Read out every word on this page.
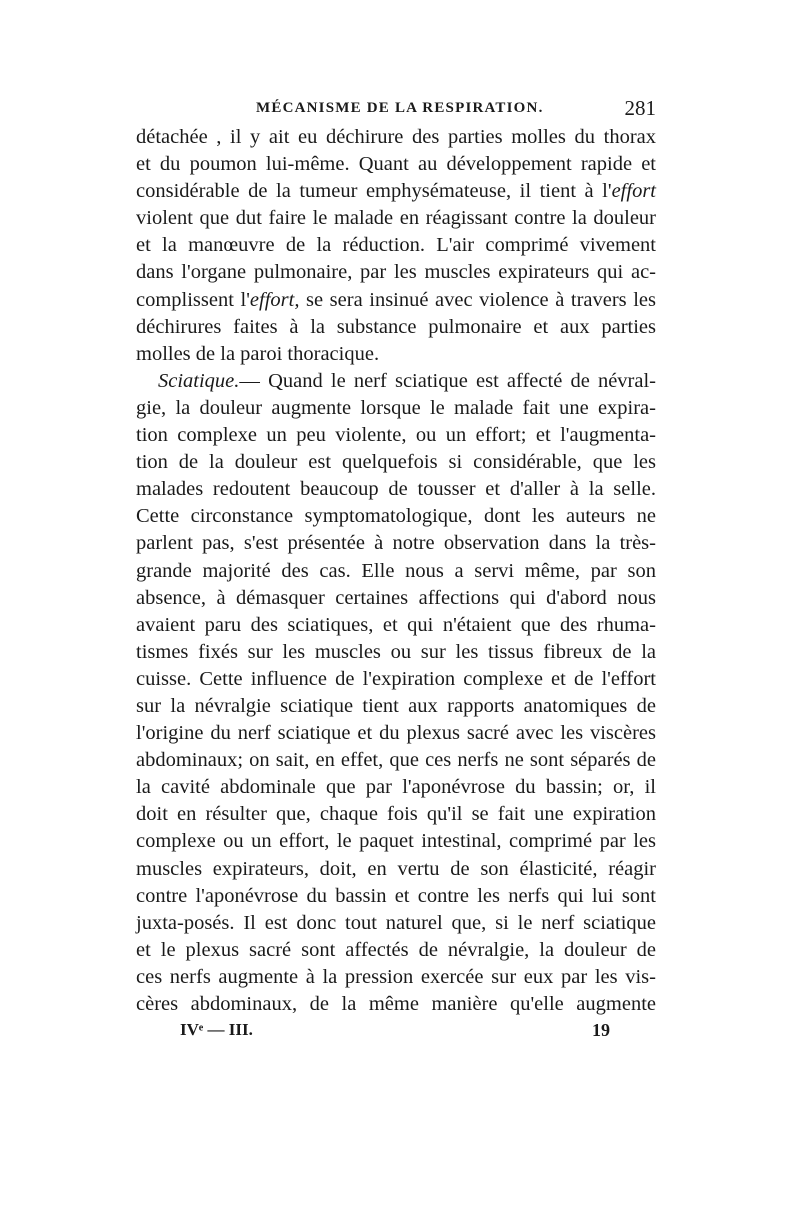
MÉCANISME DE LA RESPIRATION.	281
détachée , il y ait eu déchirure des parties molles du thorax
et du poumon lui-même. Quant au développement rapide et
considérable de la tumeur emphysémateuse, il tient à l'effort
violent que dut faire le malade en réagissant contre la douleur
et la manœuvre de la réduction. L'air comprimé vivement
dans l'organe pulmonaire, par les muscles expirateurs qui ac-
complissent l'effort, se sera insinué avec violence à travers les
déchirures faites à la substance pulmonaire et aux parties
molles de la paroi thoracique.
Sciatique.— Quand le nerf sciatique est affecté de névral-
gie, la douleur augmente lorsque le malade fait une expira-
tion complexe un peu violente, ou un effort; et l'augmenta-
tion de la douleur est quelquefois si considérable, que les
malades redoutent beaucoup de tousser et d'aller à la selle.
Cette circonstance symptomatologique, dont les auteurs ne
parlent pas, s'est présentée à notre observation dans la très-
grande majorité des cas. Elle nous a servi même, par son
absence, à démasquer certaines affections qui d'abord nous
avaient paru des sciatiques, et qui n'étaient que des rhuma-
tismes fixés sur les muscles ou sur les tissus fibreux de la
cuisse. Cette influence de l'expiration complexe et de l'effort
sur la névralgie sciatique tient aux rapports anatomiques de
l'origine du nerf sciatique et du plexus sacré avec les viscères
abdominaux; on sait, en effet, que ces nerfs ne sont séparés de
la cavité abdominale que par l'aponévrose du bassin; or, il
doit en résulter que, chaque fois qu'il se fait une expiration
complexe ou un effort, le paquet intestinal, comprimé par les
muscles expirateurs, doit, en vertu de son élasticité, réagir
contre l'aponévrose du bassin et contre les nerfs qui lui sont
juxta-posés. Il est donc tout naturel que, si le nerf sciatique
et le plexus sacré sont affectés de névralgie, la douleur de
ces nerfs augmente à la pression exercée sur eux par les vis-
cères abdominaux, de la même manière qu'elle augmente
IVᵉ — III.	19
